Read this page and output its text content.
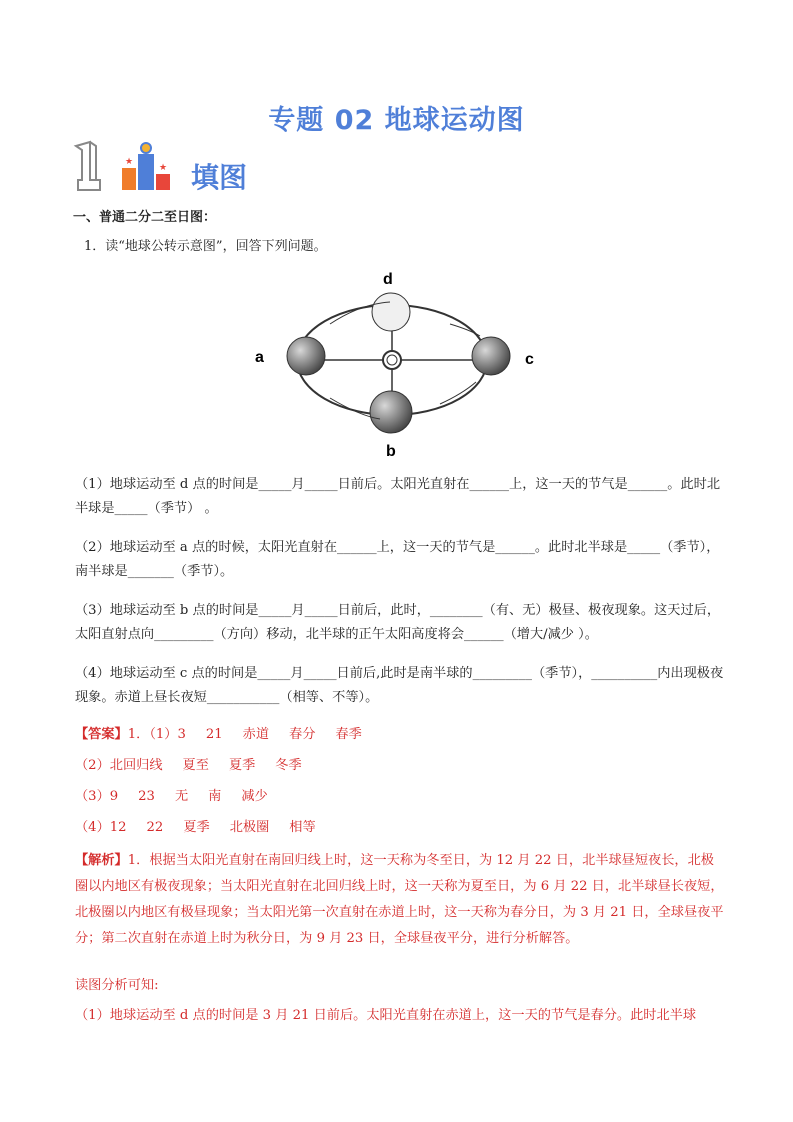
专题 02 地球运动图
★
★ 填图
一、普通二分二至日图：
1．读“地球公转示意图”，回答下列问题。
d
a	c
b
（1）地球运动至 d 点的时间是_____月_____日前后。太阳光直射在______上，这一天的节气是______。此时北半球是_____（季节） 。
（2）地球运动至 a 点的时候，太阳光直射在______上，这一天的节气是______。此时北半球是_____（季节），南半球是_______（季节）。
（3）地球运动至 b 点的时间是_____月_____日前后，此时，________（有、无）极昼、极夜现象。这天过后，太阳直射点向_________（方向）移动，北半球的正午太阳高度将会______（增大/减少 ）。
（4）地球运动至 c 点的时间是_____月_____日前后,此时是南半球的_________（季节），__________内出现极夜现象。赤道上昼长夜短___________（相等、不等）。
【答案】1．（1）3 21 赤道 春分 春季
（2）北回归线 夏至 夏季 冬季
（3）9 23 无 南 减少
（4）12 22 夏季 北极圈 相等
【解析】1．根据当太阳光直射在南回归线上时，这一天称为冬至日，为 12 月 22 日，北半球昼短夜长，北极圈以内地区有极夜现象；当太阳光直射在北回归线上时，这一天称为夏至日，为 6 月 22 日，北半球昼长夜短，北极圈以内地区有极昼现象；当太阳光第一次直射在赤道上时，这一天称为春分日，为 3 月 21 日，全球昼夜平分；第二次直射在赤道上时为秋分日，为 9 月 23 日，全球昼夜平分，进行分析解答。
读图分析可知:
（1）地球运动至 d 点的时间是 3 月 21 日前后。太阳光直射在赤道上，这一天的节气是春分。此时北半球
